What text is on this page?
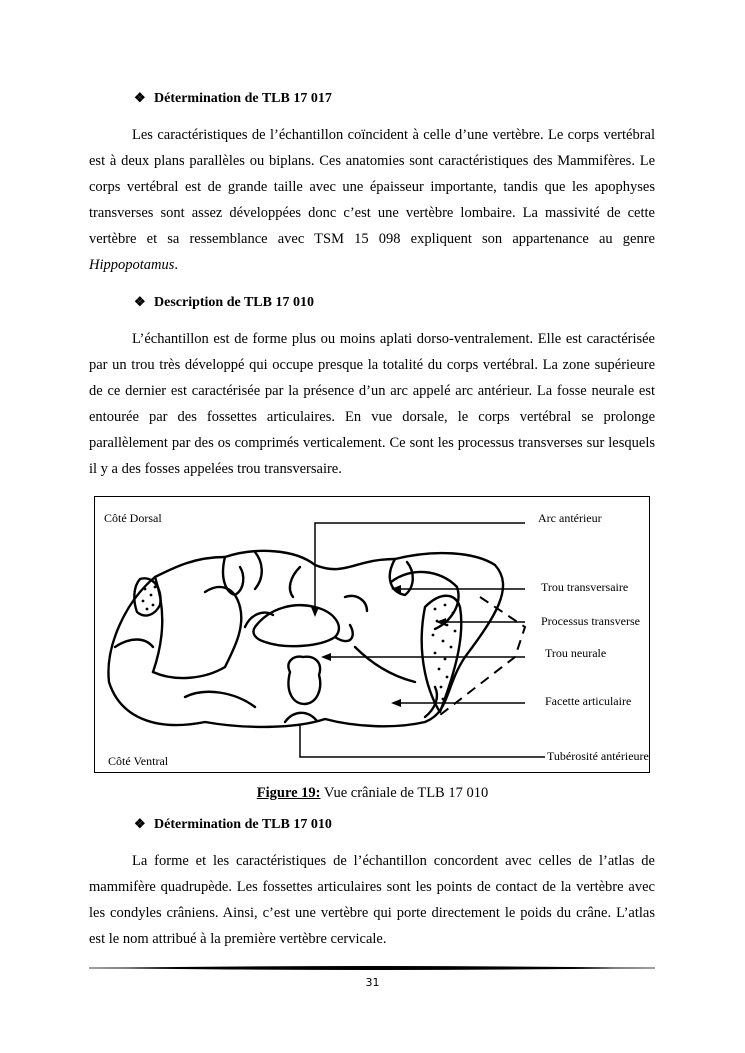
❖ Détermination de TLB 17 017

Les caractéristiques de l’échantillon coïncident à celle d’une vertèbre. Le corps vertébral est à deux plans parallèles ou biplans. Ces anatomies sont caractéristiques des Mammifères. Le corps vertébral est de grande taille avec une épaisseur importante, tandis que les apophyses transverses sont assez développées donc c’est une vertèbre lombaire. La massivité de cette vertèbre et sa ressemblance avec TSM 15 098 expliquent son appartenance au genre Hippopotamus.

❖ Description de TLB 17 010

L’échantillon est de forme plus ou moins aplati dorso-ventralement. Elle est caractérisée par un trou très développé qui occupe presque la totalité du corps vertébral. La zone supérieure de ce dernier est caractérisée par la présence d’un arc appelé arc antérieur. La fosse neurale est entourée par des fossettes articulaires. En vue dorsale, le corps vertébral se prolonge parallèlement par des os comprimés verticalement. Ce sont les processus transverses sur lesquels il y a des fosses appelées trou transversaire.

Côté Dorsal
Côté Ventral
Arc antérieur
Trou transversaire
Processus transverse
Trou neurale
Facette articulaire
Tubérosité antérieure
Figure 19: Vue crâniale de TLB 17 010
❖ Détermination de TLB 17 010

La forme et les caractéristiques de l’échantillon concordent avec celles de l’atlas de mammifère quadrupède. Les fossettes articulaires sont les points de contact de la vertèbre avec les condyles crâniens. Ainsi, c’est une vertèbre qui porte directement le poids du crâne. L’atlas est le nom attribué à la première vertèbre cervicale.

31
